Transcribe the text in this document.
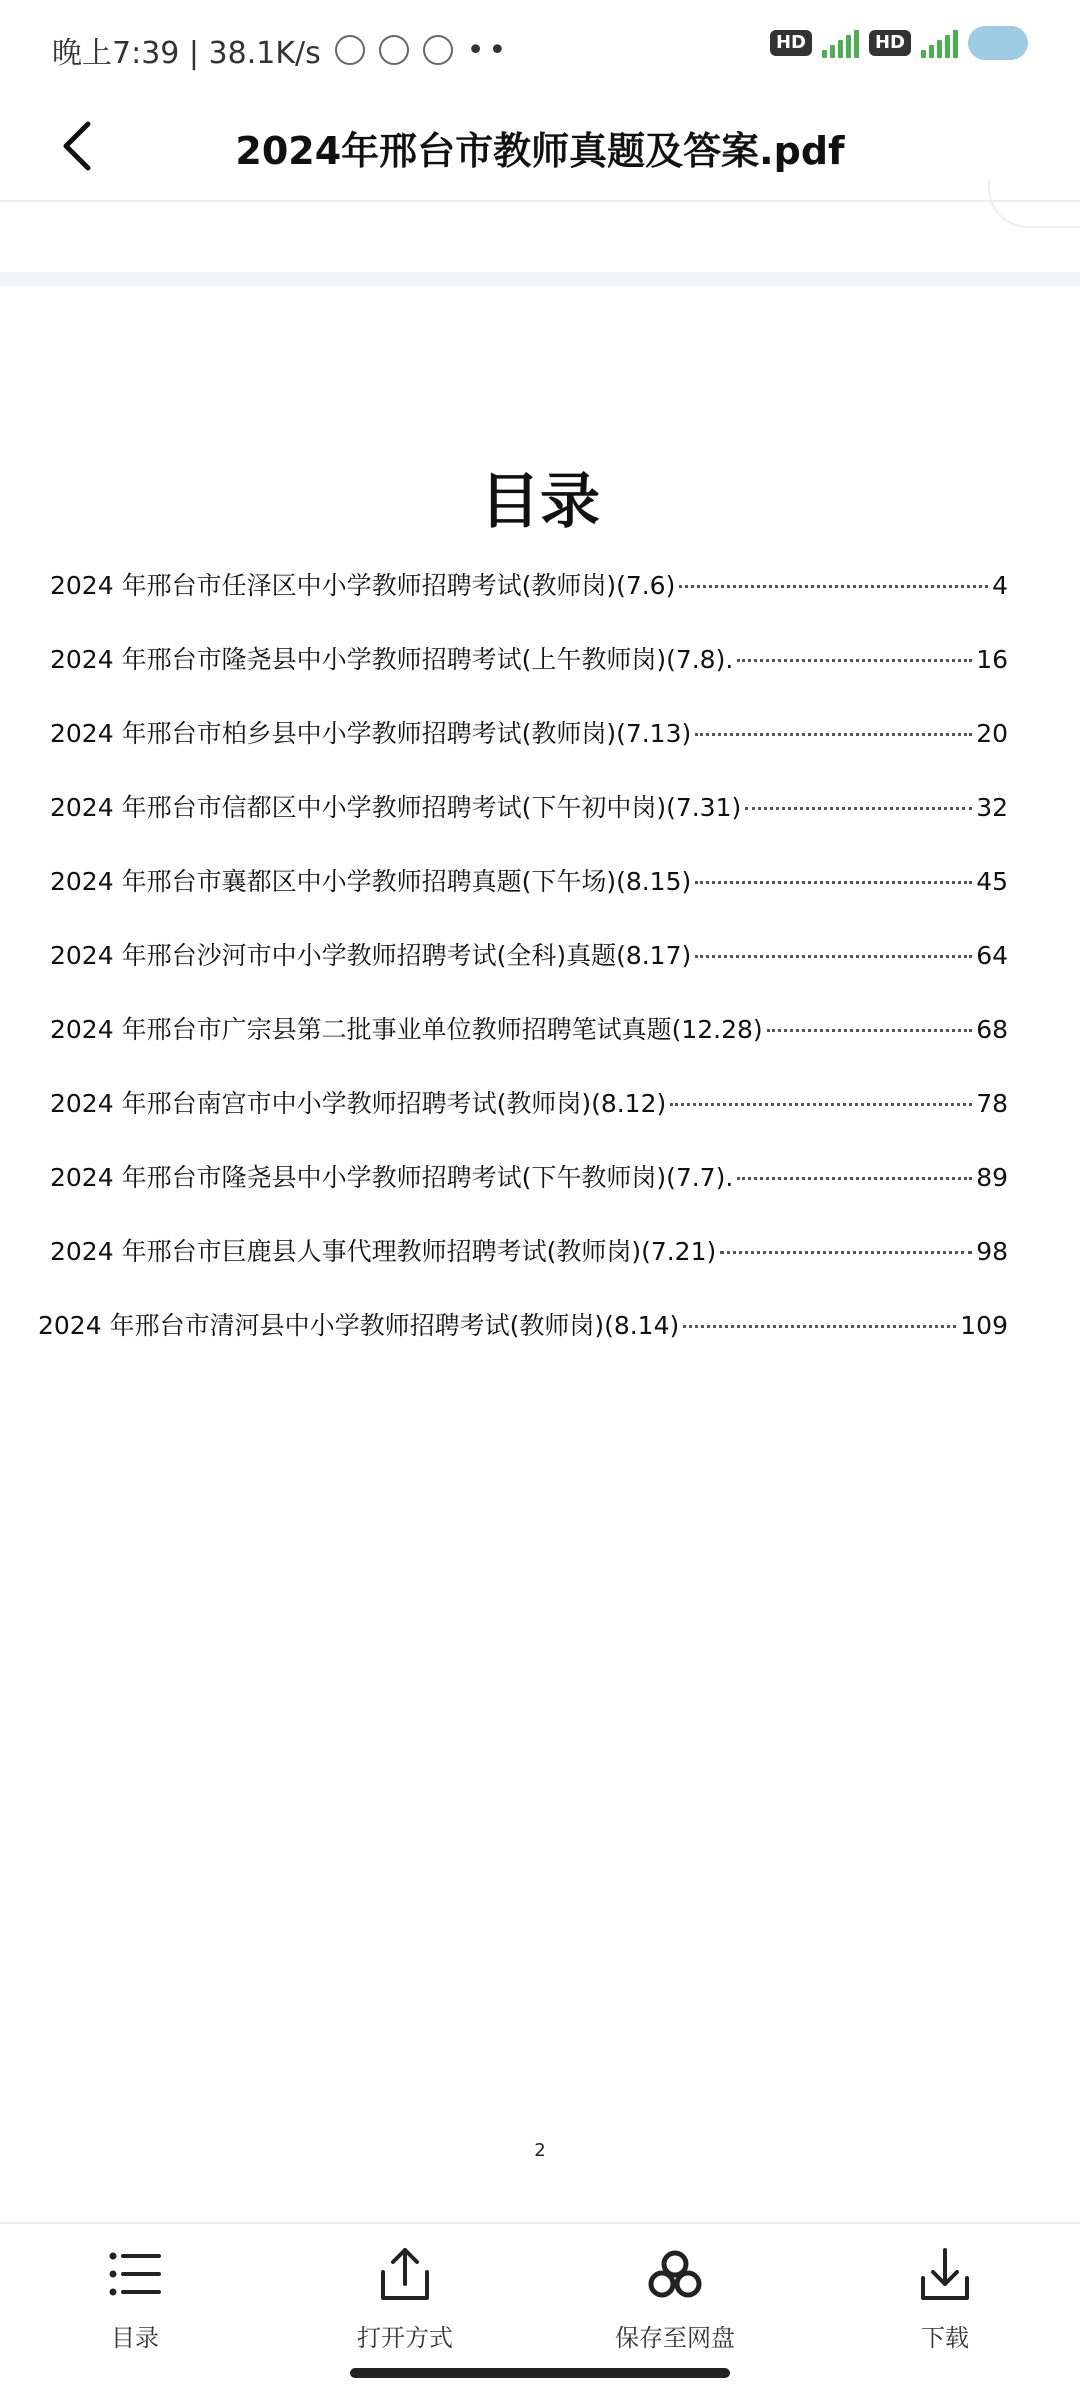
晚上7:39 | 38.1K/s	••	HD	HD
2024年邢台市教师真题及答案.pdf
目录
2024 年邢台市任泽区中小学教师招聘考试(教师岗)(7.6)	4
2024 年邢台市隆尧县中小学教师招聘考试(上午教师岗)(7.8).	16
2024 年邢台市柏乡县中小学教师招聘考试(教师岗)(7.13)	20
2024 年邢台市信都区中小学教师招聘考试(下午初中岗)(7.31)	32
2024 年邢台市襄都区中小学教师招聘真题(下午场)(8.15)	45
2024 年邢台沙河市中小学教师招聘考试(全科)真题(8.17)	64
2024 年邢台市广宗县第二批事业单位教师招聘笔试真题(12.28)	68
2024 年邢台南宫市中小学教师招聘考试(教师岗)(8.12)	78
2024 年邢台市隆尧县中小学教师招聘考试(下午教师岗)(7.7).	89
2024 年邢台市巨鹿县人事代理教师招聘考试(教师岗)(7.21)	98
2024 年邢台市清河县中小学教师招聘考试(教师岗)(8.14)	109
2
目录	打开方式	保存至网盘	下载
